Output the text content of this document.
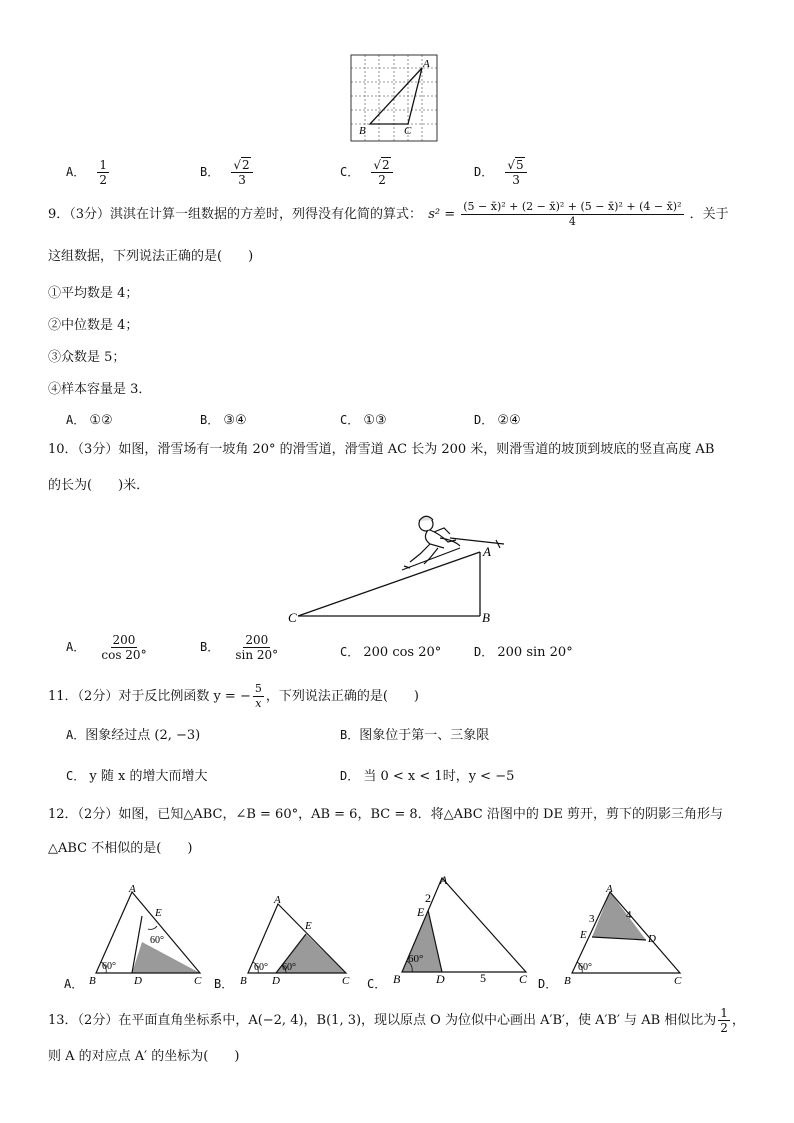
A
B	C
A． $\frac{1}{2}$	B． $\frac{√2}{3}$	C． $\frac{√2}{2}$	D． $\frac{√5}{3}$
9．（3分）淇淇在计算一组数据的方差时，列得没有化简的算式： $s^2 = \frac{\text{(5 − x̄)² + (2 − x̄)² + (5 − x̄)² + (4 − x̄)²}}{4}$ ．关于
这组数据，下列说法正确的是(　　)
①平均数是 4；
②中位数是 4；
③众数是 5；
④样本容量是 3．
A． ①②	B． ③④	C． ①③	D． ②④
10．（3分）如图，滑雪场有一坡角 20° 的滑雪道，滑雪道 AC 长为 200 米，则滑雪道的坡顶到坡底的竖直高度 AB
的长为(　　)米．
A
B
C
A． $\frac{200}{\cos 20^\circ}$	B． $\frac{200}{\sin 20^\circ}$	C． 200 cos 20°	D． 200 sin 20°
11．（2分）对于反比例函数 y = − $\frac{5}{x}$ ，下列说法正确的是(　　)
A．图象经过点 (2, −3)	B．图象位于第一、三象限
C． y 随 x 的增大而增大	D． 当 0 < x < 1时，y < −5
12．（2分）如图，已知△ABC，∠B = 60°，AB = 6，BC = 8．将△ABC 沿图中的 DE 剪开，剪下的阴影三角形与
△ABC 不相似的是(　　)
A．	B．	C．	D．
A
E
B	D	C
60°
60°
A
E
B D	C
60° 60°
A
2
E
B	D	5	C
60°
A
3	4
E	D
B	C
60°
13．（2分）在平面直角坐标系中，A(−2, 4)，B(1, 3)，现以原点 O 为位似中心画出 A′B′，使 A′B′ 与 AB 相似比为 $\frac{1}{2}$ ，
则 A 的对应点 A′ 的坐标为(　　)
